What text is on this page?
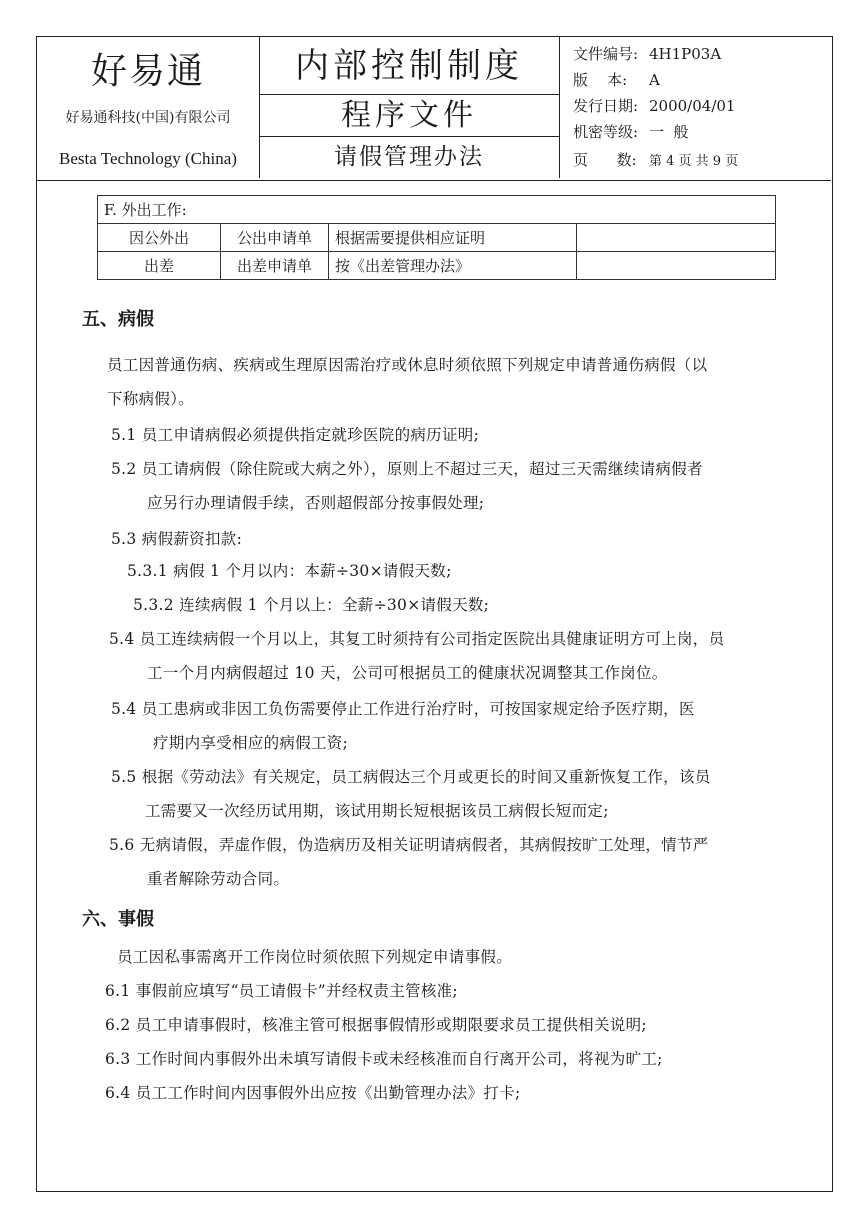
好易通
好易通科技(中国)有限公司
Besta Technology (China)
内部控制制度
程序文件
请假管理办法
文件编号: 4H1P03A
版    本: A
发行日期: 2000/04/01
机密等级: 一  般
页      数: 第 4 页 共 9 页
F. 外出工作:			
因公外出	公出申请单	根据需要提供相应证明	
出差	出差申请单	按《出差管理办法》	
五、病假
员工因普通伤病、疾病或生理原因需治疗或休息时须依照下列规定申请普通伤病假（以
下称病假）。
5.1 员工申请病假必须提供指定就珍医院的病历证明;
5.2 员工请病假（除住院或大病之外），原则上不超过三天，超过三天需继续请病假者
应另行办理请假手续，否则超假部分按事假处理;
5.3 病假薪资扣款:
5.3.1 病假 1 个月以内：本薪÷30×请假天数;
5.3.2 连续病假 1 个月以上：全薪÷30×请假天数;
5.4 员工连续病假一个月以上，其复工时须持有公司指定医院出具健康证明方可上岗，员
工一个月内病假超过 10 天，公司可根据员工的健康状况调整其工作岗位。
5.4 员工患病或非因工负伤需要停止工作进行治疗时，可按国家规定给予医疗期，医
疗期内享受相应的病假工资;
5.5 根据《劳动法》有关规定，员工病假达三个月或更长的时间又重新恢复工作，该员
工需要又一次经历试用期，该试用期长短根据该员工病假长短而定;
5.6 无病请假，弄虚作假，伪造病历及相关证明请病假者，其病假按旷工处理，情节严
重者解除劳动合同。
六、事假
员工因私事需离开工作岗位时须依照下列规定申请事假。
6.1 事假前应填写“员工请假卡”并经权责主管核准;
6.2 员工申请事假时，核准主管可根据事假情形或期限要求员工提供相关说明;
6.3 工作时间内事假外出未填写请假卡或未经核准而自行离开公司，将视为旷工;
6.4 员工工作时间内因事假外出应按《出勤管理办法》打卡;
